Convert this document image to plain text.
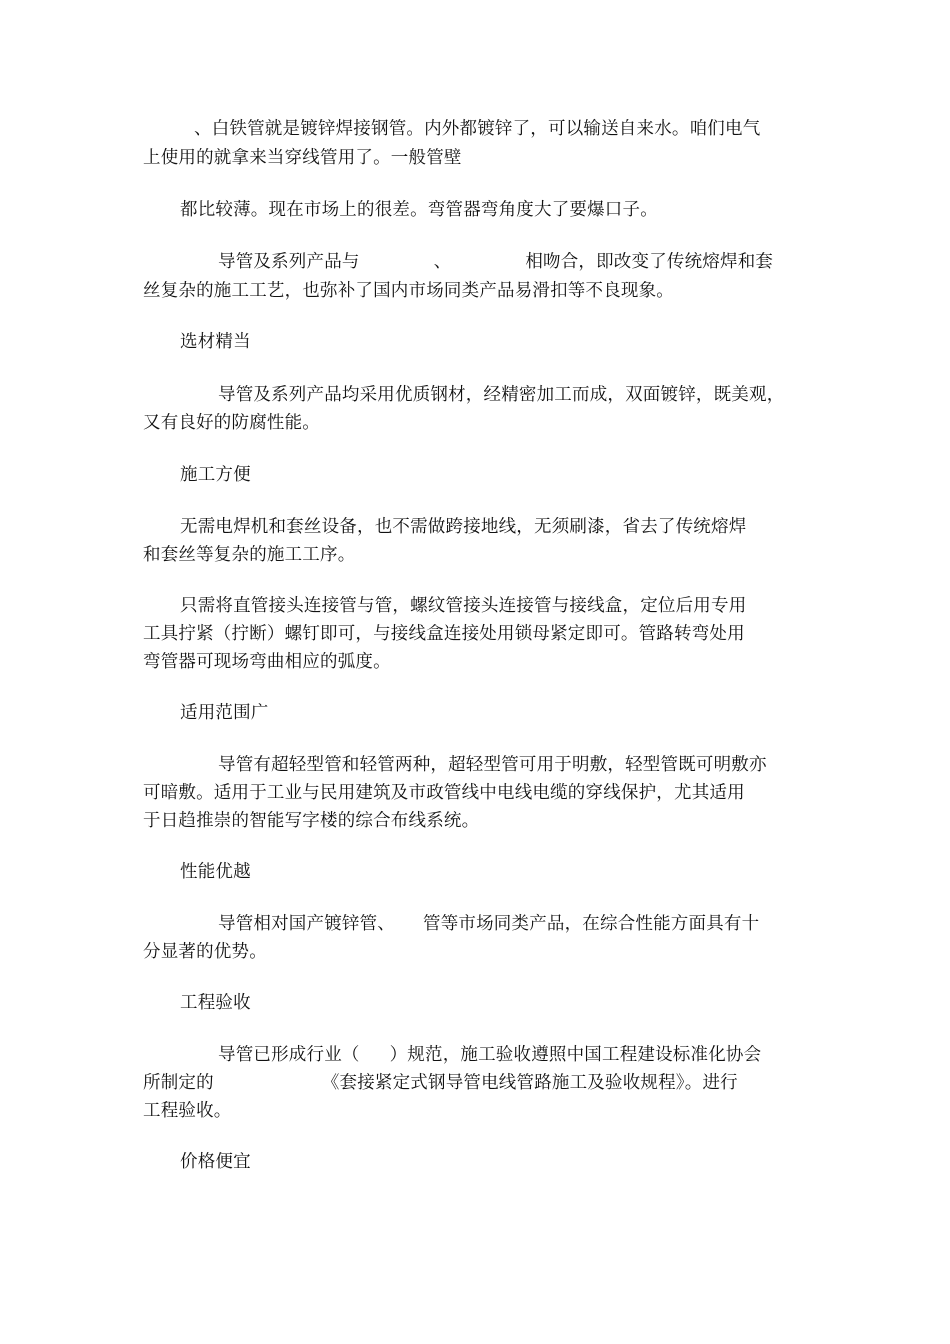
、白铁管就是镀锌焊接钢管。内外都镀锌了，可以输送自来水。咱们电气
上使用的就拿来当穿线管用了。一般管壁
都比较薄。现在市场上的很差。弯管器弯角度大了要爆口子。
导管及系列产品与	、	相吻合，即改变了传统熔焊和套
丝复杂的施工工艺，也弥补了国内市场同类产品易滑扣等不良现象。
选材精当
导管及系列产品均采用优质钢材，经精密加工而成，双面镀锌，既美观，
又有良好的防腐性能。
施工方便
无需电焊机和套丝设备，也不需做跨接地线，无须刷漆，省去了传统熔焊
和套丝等复杂的施工工序。
只需将直管接头连接管与管，螺纹管接头连接管与接线盒，定位后用专用
工具拧紧（拧断）螺钉即可，与接线盒连接处用锁母紧定即可。管路转弯处用
弯管器可现场弯曲相应的弧度。
适用范围广
导管有超轻型管和轻管两种，超轻型管可用于明敷，轻型管既可明敷亦
可暗敷。适用于工业与民用建筑及市政管线中电线电缆的穿线保护，尤其适用
于日趋推崇的智能写字楼的综合布线系统。
性能优越
导管相对国产镀锌管、 管等市场同类产品，在综合性能方面具有十
分显著的优势。
工程验收
导管已形成行业（ ）规范，施工验收遵照中国工程建设标准化协会
所制定的	《套接紧定式钢导管电线管路施工及验收规程》。进行
工程验收。
价格便宜
